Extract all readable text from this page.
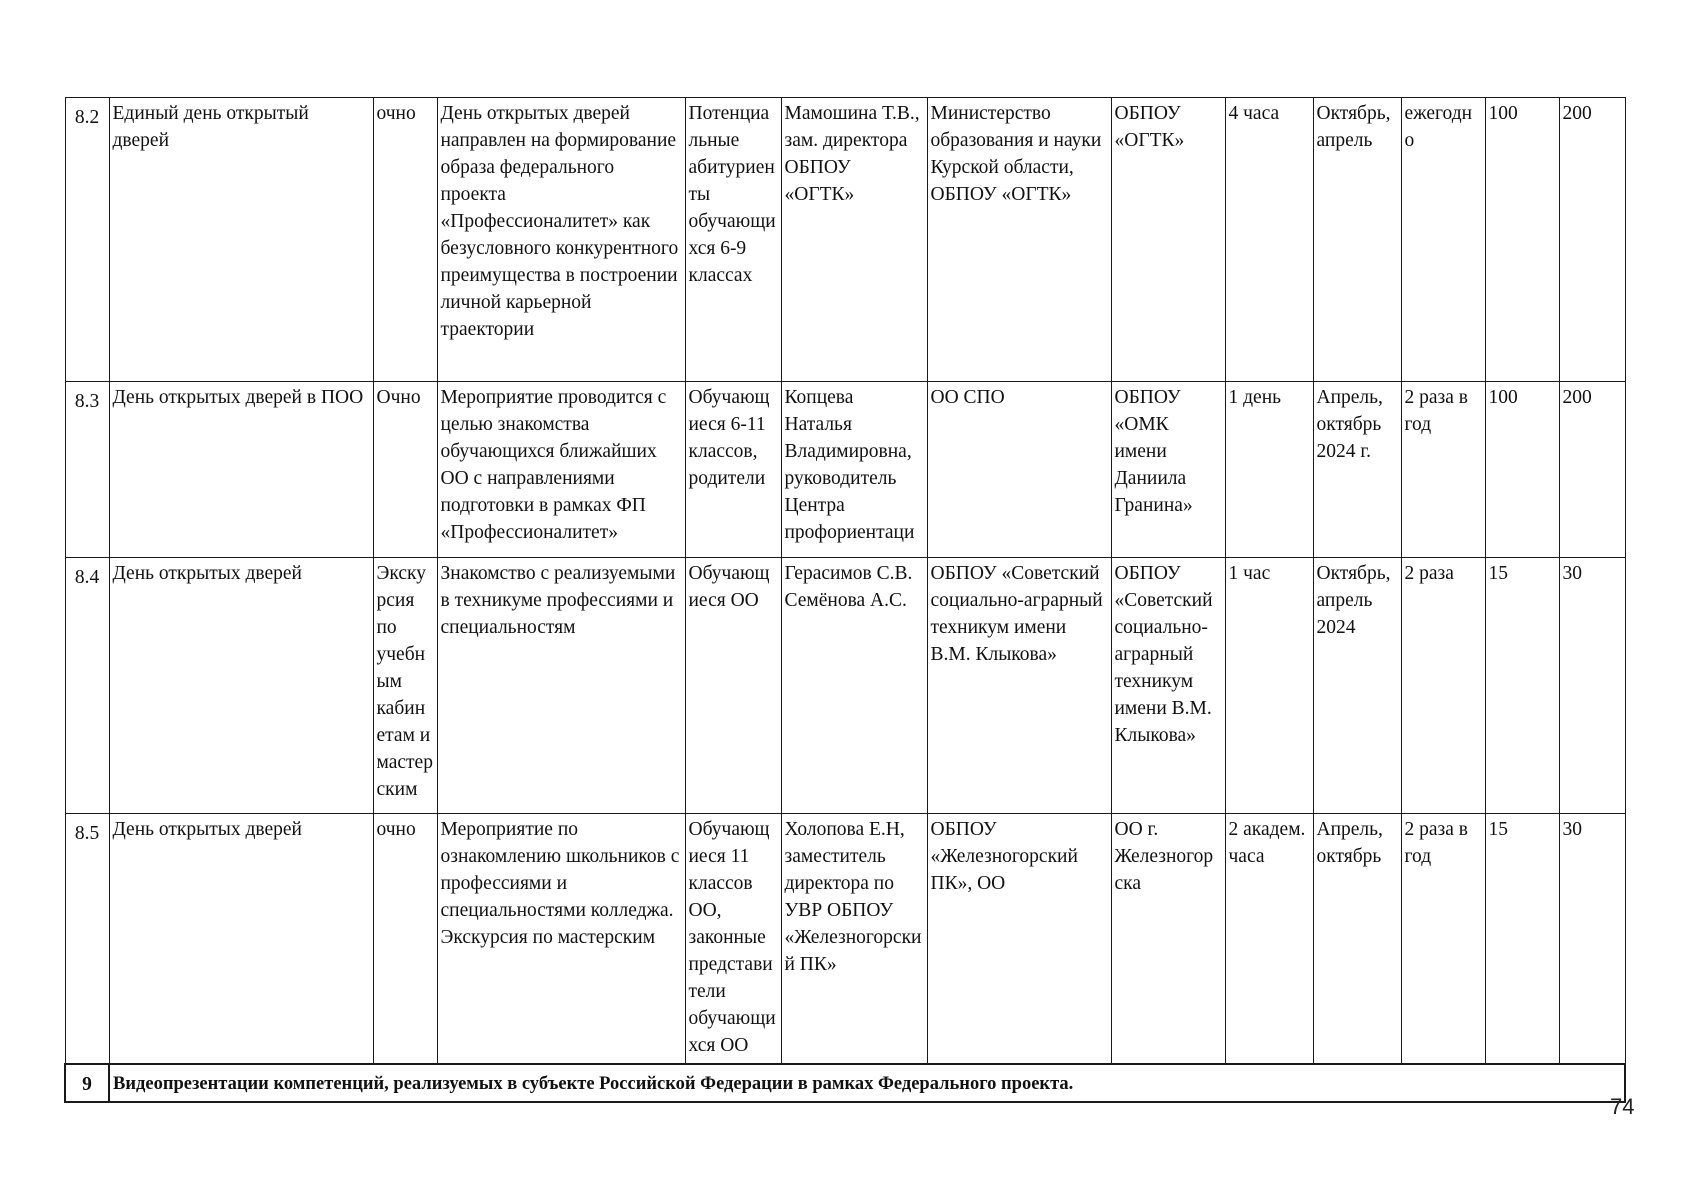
8.2	Единый день открытый дверей	очно	День открытых дверей направлен на формирование образа федерального проекта «Профессионалитет» как безусловного конкурентного преимущества в построении личной карьерной траектории	Потенциальные абитуриенты обучающихся 6-9 классах	Мамошина Т.В., зам. директора ОБПОУ «ОГТК»	Министерство образования и науки Курской области, ОБПОУ «ОГТК»	ОБПОУ «ОГТК»	4 часа	Октябрь, апрель	ежегодно	100	200
8.3	День открытых дверей в ПОО	Очно	Мероприятие проводится с целью знакомства обучающихся ближайших ОО с направлениями подготовки в рамках ФП «Профессионалитет»	Обучающиеся 6-11 классов, родители	Копцева Наталья Владимировна, руководитель Центра профориентаци	ОО СПО	ОБПОУ «ОМК имени Даниила Гранина»	1 день	Апрель, октябрь 2024 г.	2 раза в год	100	200
8.4	День открытых дверей	Экскурсия по учебным кабинетам и мастерским	Знакомство с реализуемыми в техникуме профессиями и специальностям	Обучающиеся ОО	Герасимов С.В. Семёнова А.С.	ОБПОУ «Советский социально-аграрный техникум имени В.М. Клыкова»	ОБПОУ «Советский социально-аграрный техникум имени В.М. Клыкова»	1 час	Октябрь, апрель 2024	2 раза	15	30
8.5	День открытых дверей	очно	Мероприятие по ознакомлению школьников с профессиями и специальностями колледжа. Экскурсия по мастерским	Обучающиеся 11 классов ОО, законные представители обучающихся ОО	Холопова Е.Н, заместитель директора по УВР ОБПОУ «Железногорский ПК»	ОБПОУ «Железногорский ПК», ОО	ОО г. Железногорска	2 академ. часа	Апрель, октябрь	2 раза в год	15	30
9	Видеопрезентации компетенций, реализуемых в субъекте Российской Федерации в рамках Федерального проекта.											
74
